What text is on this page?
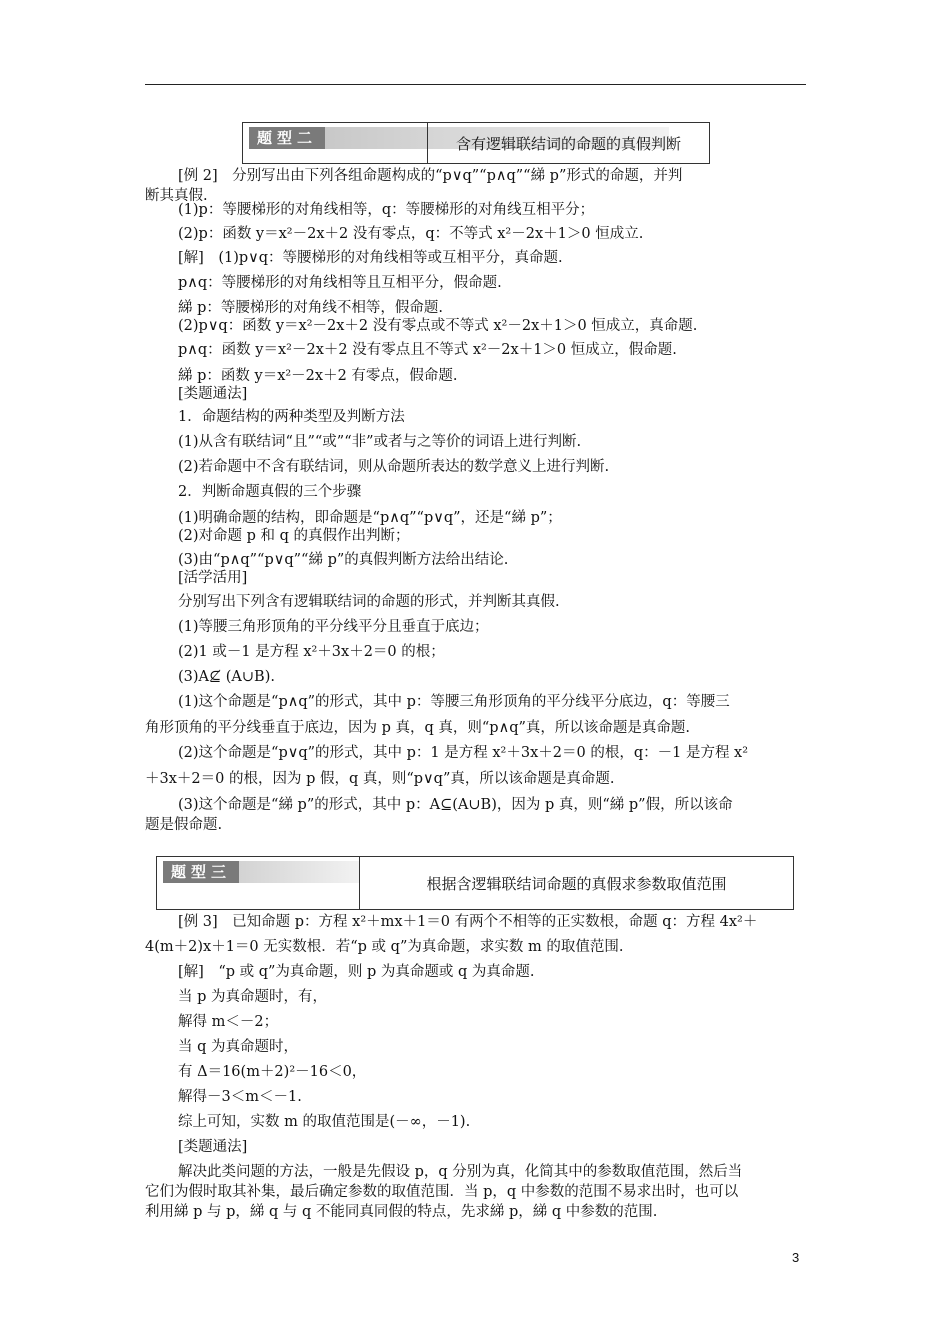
题型二	含有逻辑联结词的命题的真假判断
题型三
根据含逻辑联结词命题的真假求参数取值范围
[例 2]　分别写出由下列各组命题构成的“p∨q”“p∧q”“綈 p”形式的命题，并判
断其真假.
(1)p：等腰梯形的对角线相等，q：等腰梯形的对角线互相平分；
(2)p：函数 y＝x²－2x＋2 没有零点，q：不等式 x²－2x＋1＞0 恒成立.
[解]　(1)p∨q：等腰梯形的对角线相等或互相平分，真命题.
p∧q：等腰梯形的对角线相等且互相平分，假命题.
綈 p：等腰梯形的对角线不相等，假命题.
(2)p∨q：函数 y＝x²－2x＋2 没有零点或不等式 x²－2x＋1＞0 恒成立，真命题.
p∧q：函数 y＝x²－2x＋2 没有零点且不等式 x²－2x＋1＞0 恒成立，假命题.
綈 p：函数 y＝x²－2x＋2 有零点，假命题.
[类题通法]
1．命题结构的两种类型及判断方法
(1)从含有联结词“且”“或”“非”或者与之等价的词语上进行判断.
(2)若命题中不含有联结词，则从命题所表达的数学意义上进行判断.
2．判断命题真假的三个步骤
(1)明确命题的结构，即命题是“p∧q”“p∨q”，还是“綈 p”；
(2)对命题 p 和 q 的真假作出判断；
(3)由“p∧q”“p∨q”“綈 p”的真假判断方法给出结论.
[活学活用]
分别写出下列含有逻辑联结词的命题的形式，并判断其真假.
(1)等腰三角形顶角的平分线平分且垂直于底边；
(2)1 或－1 是方程 x²＋3x＋2＝0 的根；
(3)A⊈ (A∪B).
(1)这个命题是“p∧q”的形式，其中 p：等腰三角形顶角的平分线平分底边，q：等腰三
角形顶角的平分线垂直于底边，因为 p 真，q 真，则“p∧q”真，所以该命题是真命题.
(2)这个命题是“p∨q”的形式，其中 p：1 是方程 x²＋3x＋2＝0 的根，q：－1 是方程 x²
＋3x＋2＝0 的根，因为 p 假，q 真，则“p∨q”真，所以该命题是真命题.
(3)这个命题是“綈 p”的形式，其中 p：A⊆(A∪B)，因为 p 真，则“綈 p”假，所以该命
题是假命题.
[例 3]　已知命题 p：方程 x²＋mx＋1＝0 有两个不相等的正实数根，命题 q：方程 4x²＋
4(m＋2)x＋1＝0 无实数根．若“p 或 q”为真命题，求实数 m 的取值范围.
[解]　“p 或 q”为真命题，则 p 为真命题或 q 为真命题.
当 p 为真命题时，有，
解得 m＜－2；
当 q 为真命题时，
有 Δ＝16(m＋2)²－16＜0，
解得－3＜m＜－1.
综上可知，实数 m 的取值范围是(－∞，－1).
[类题通法]
解决此类问题的方法，一般是先假设 p，q 分别为真，化简其中的参数取值范围，然后当
它们为假时取其补集，最后确定参数的取值范围．当 p，q 中参数的范围不易求出时，也可以
利用綈 p 与 p，綈 q 与 q 不能同真同假的特点，先求綈 p，綈 q 中参数的范围.
3
